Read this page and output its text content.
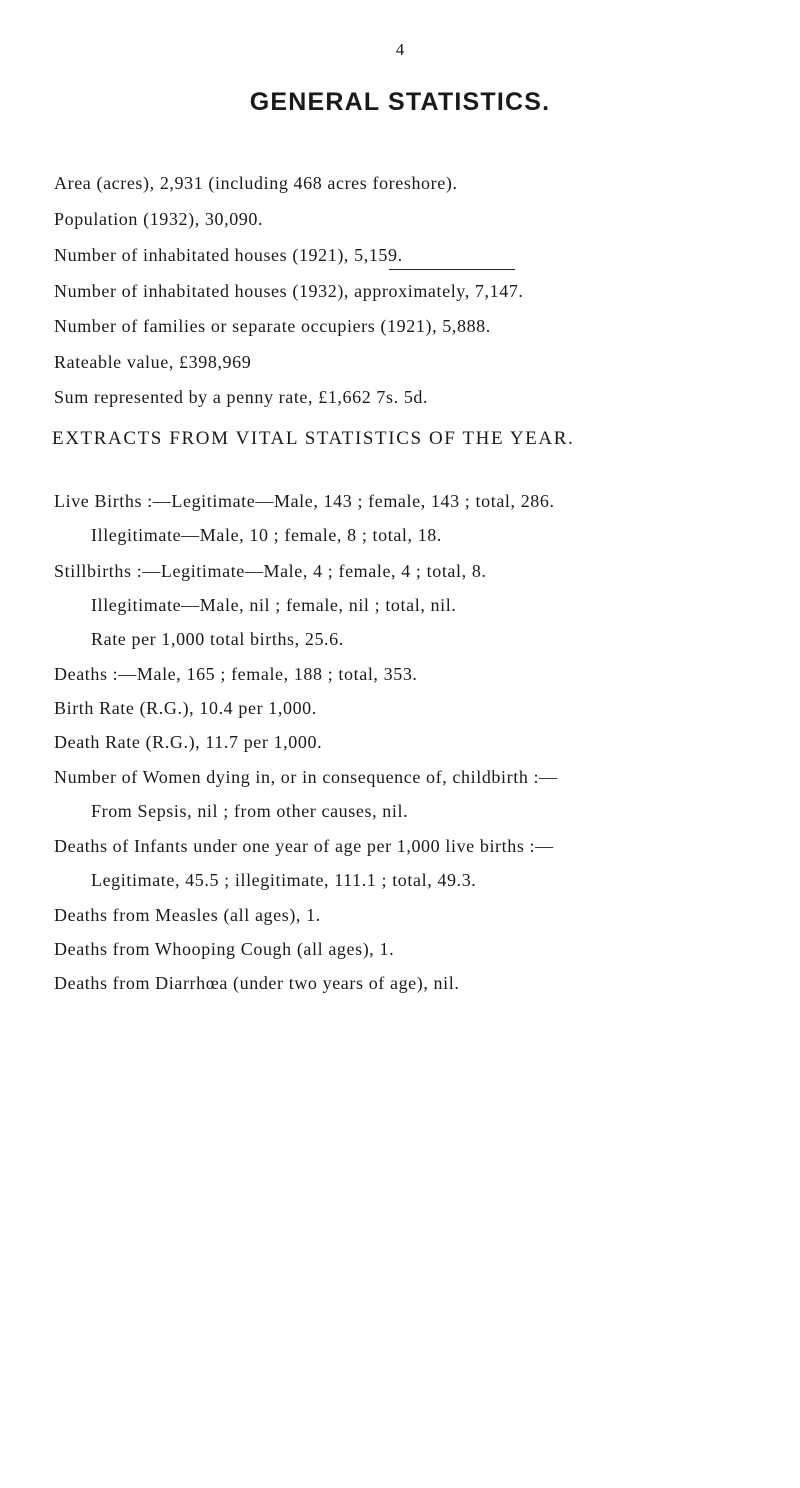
4
GENERAL STATISTICS.
Area (acres), 2,931 (including 468 acres foreshore).
Population (1932), 30,090.
Number of inhabitated houses (1921), 5,159.
Number of inhabitated houses (1932), approximately, 7,147.
Number of families or separate occupiers (1921), 5,888.
Rateable value, £398,969
Sum represented by a penny rate, £1,662 7s. 5d.
EXTRACTS FROM VITAL STATISTICS OF THE YEAR.
Live Births :—Legitimate—Male, 143 ; female, 143 ; total, 286.
Illegitimate—Male, 10 ; female, 8 ; total, 18.
Stillbirths :—Legitimate—Male, 4 ; female, 4 ; total, 8.
Illegitimate—Male, nil ; female, nil ; total, nil.
Rate per 1,000 total births, 25.6.
Deaths :—Male, 165 ; female, 188 ; total, 353.
Birth Rate (R.G.), 10.4 per 1,000.
Death Rate (R.G.), 11.7 per 1,000.
Number of Women dying in, or in consequence of, childbirth :—
From Sepsis, nil ; from other causes, nil.
Deaths of Infants under one year of age per 1,000 live births :—
Legitimate, 45.5 ; illegitimate, 111.1 ; total, 49.3.
Deaths from Measles (all ages), 1.
Deaths from Whooping Cough (all ages), 1.
Deaths from Diarrhœa (under two years of age), nil.
